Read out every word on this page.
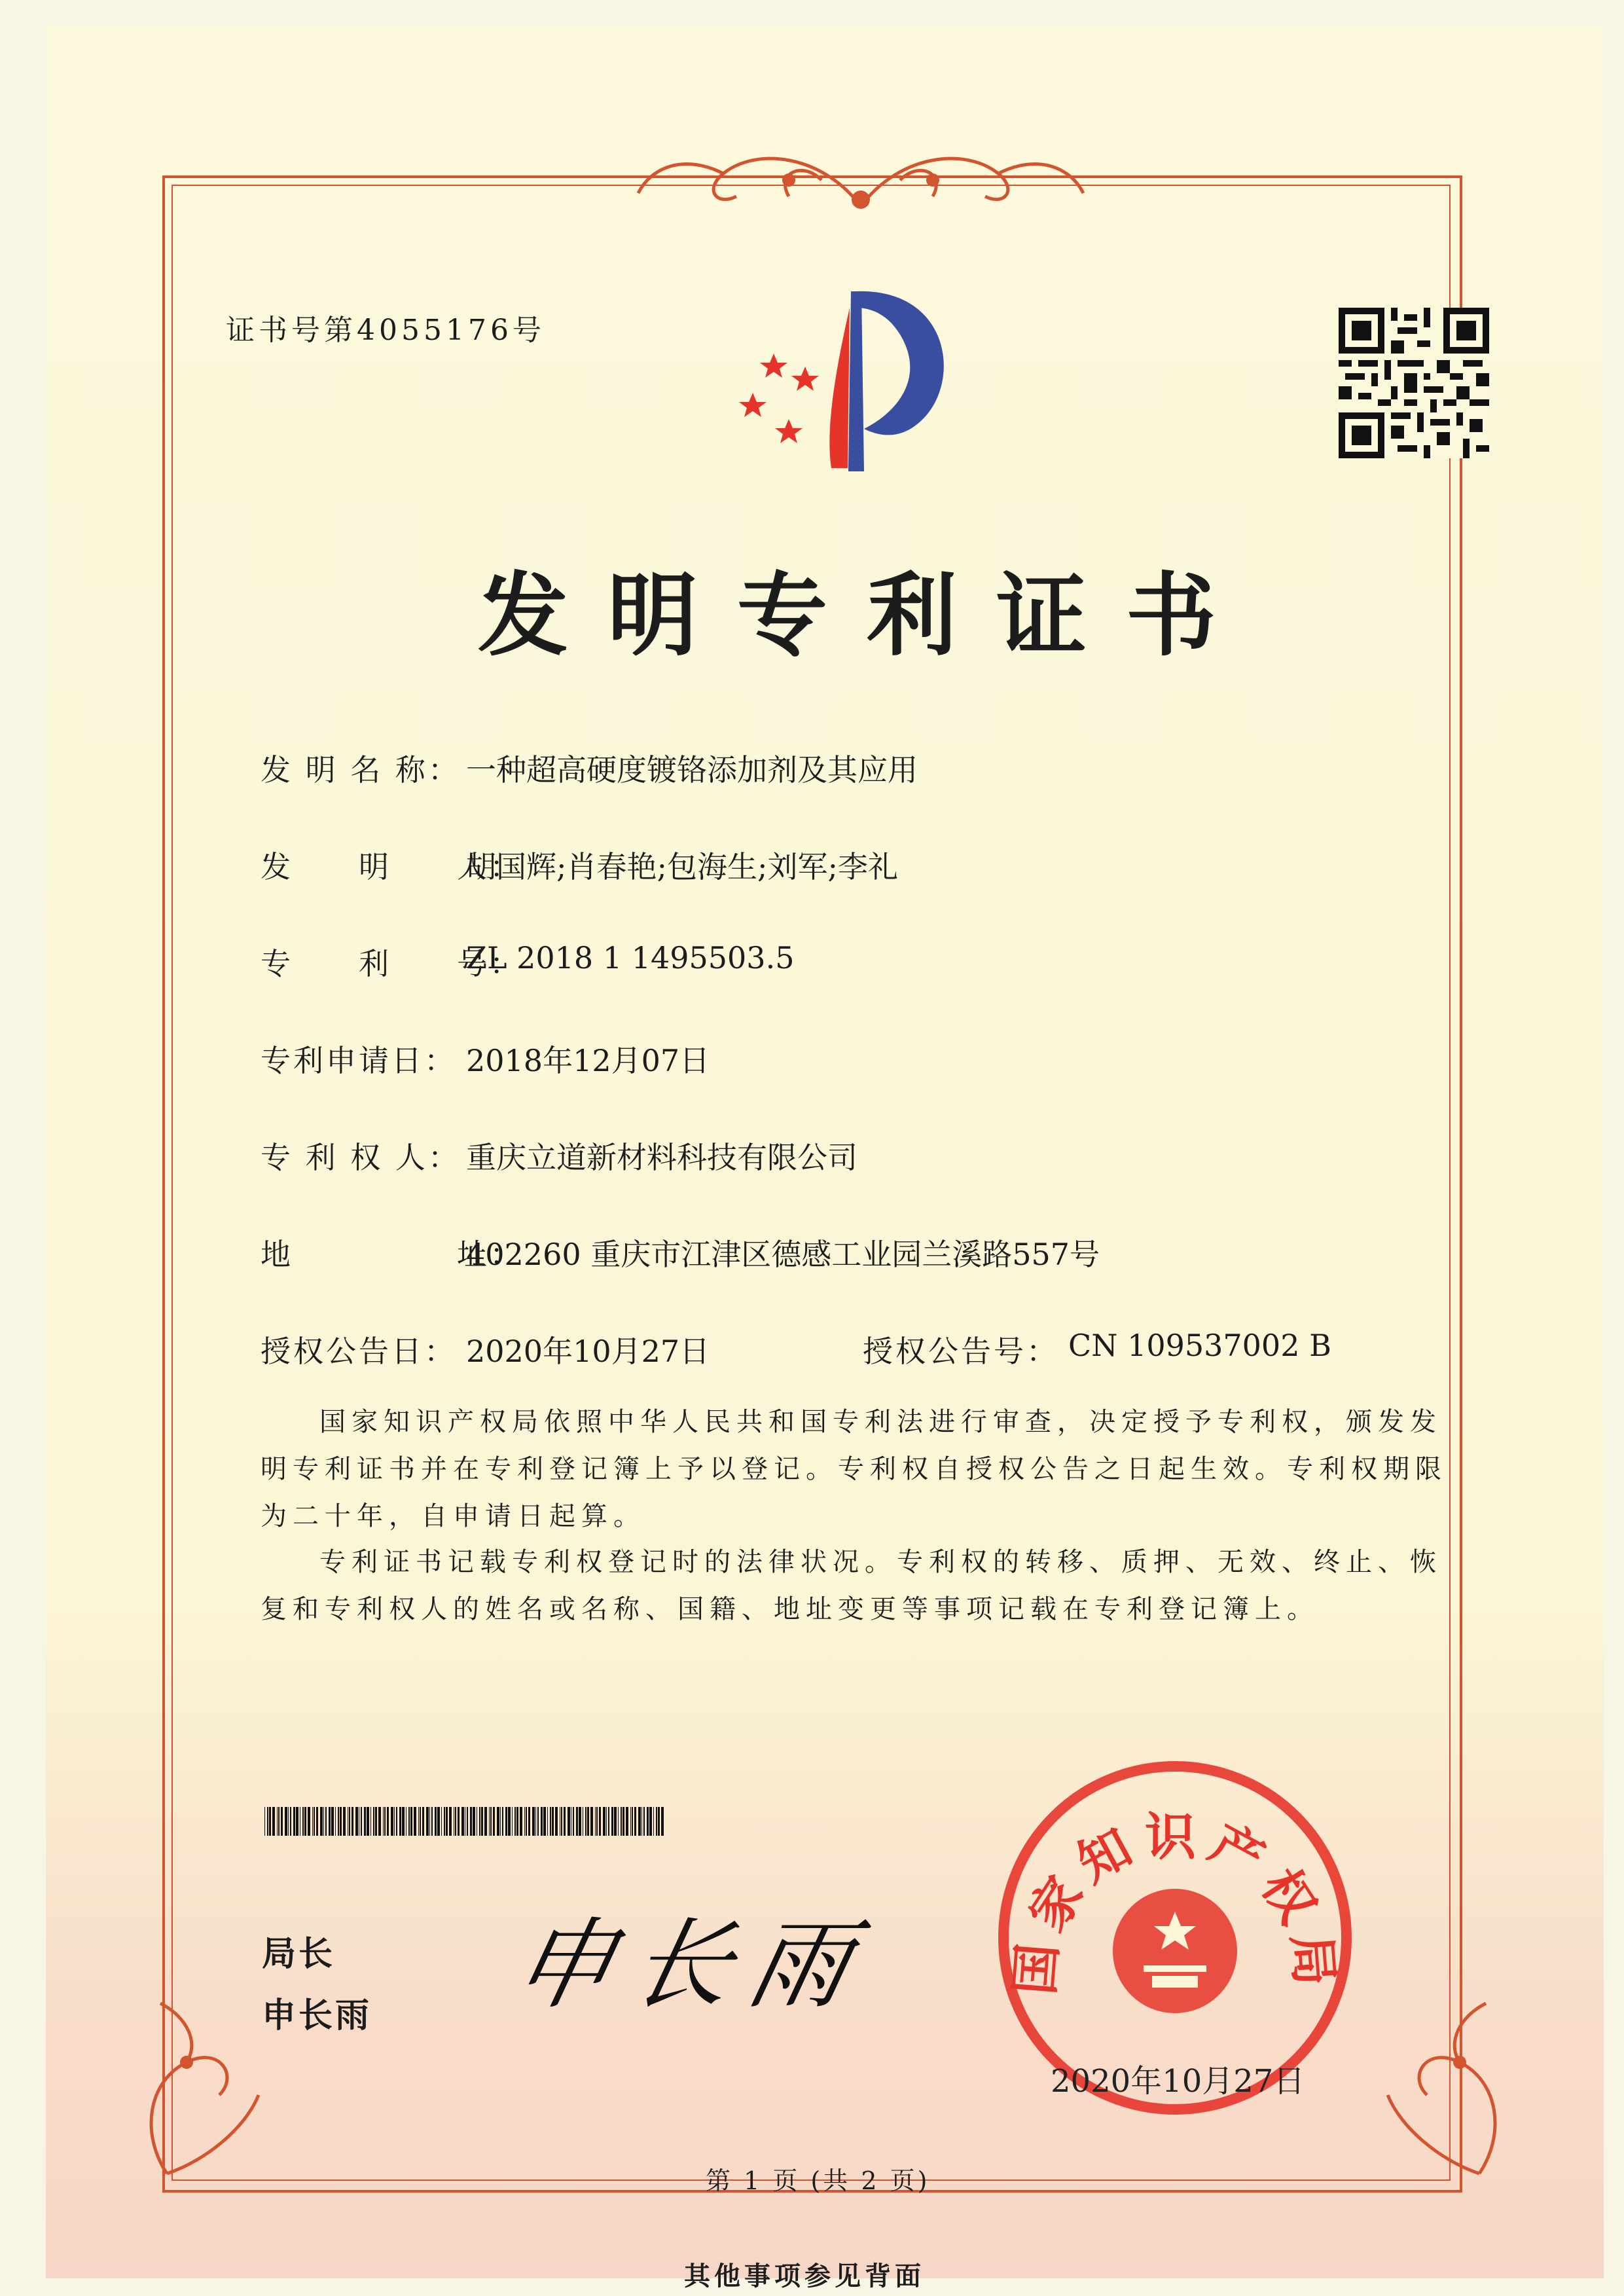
证书号第4055176号
发明专利证书
发 明 名 称： 一种超高硬度镀铬添加剂及其应用
发　　明　　人：
胡国辉;肖春艳;包海生;刘军;李礼
专　　利　　号：
ZL 2018 1 1495503.5
专利申请日： 2018年12月07日
专 利 权 人： 重庆立道新材料科技有限公司
地　　　　　址：
402260 重庆市江津区德感工业园兰溪路557号
授权公告日： 2020年10月27日	授权公告号： CN 109537002 B
国家知识产权局依照中华人民共和国专利法进行审查，决定授予专利权，颁发发明专利证书并在专利登记簿上予以登记。专利权自授权公告之日起生效。专利权期限为二十年，自申请日起算。
专利证书记载专利权登记时的法律状况。专利权的转移、质押、无效、终止、恢复和专利权人的姓名或名称、国籍、地址变更等事项记载在专利登记簿上。
局长
申长雨 申长雨 国家知识产权局
2020年10月27日
第 1 页 (共 2 页)
其他事项参见背面
